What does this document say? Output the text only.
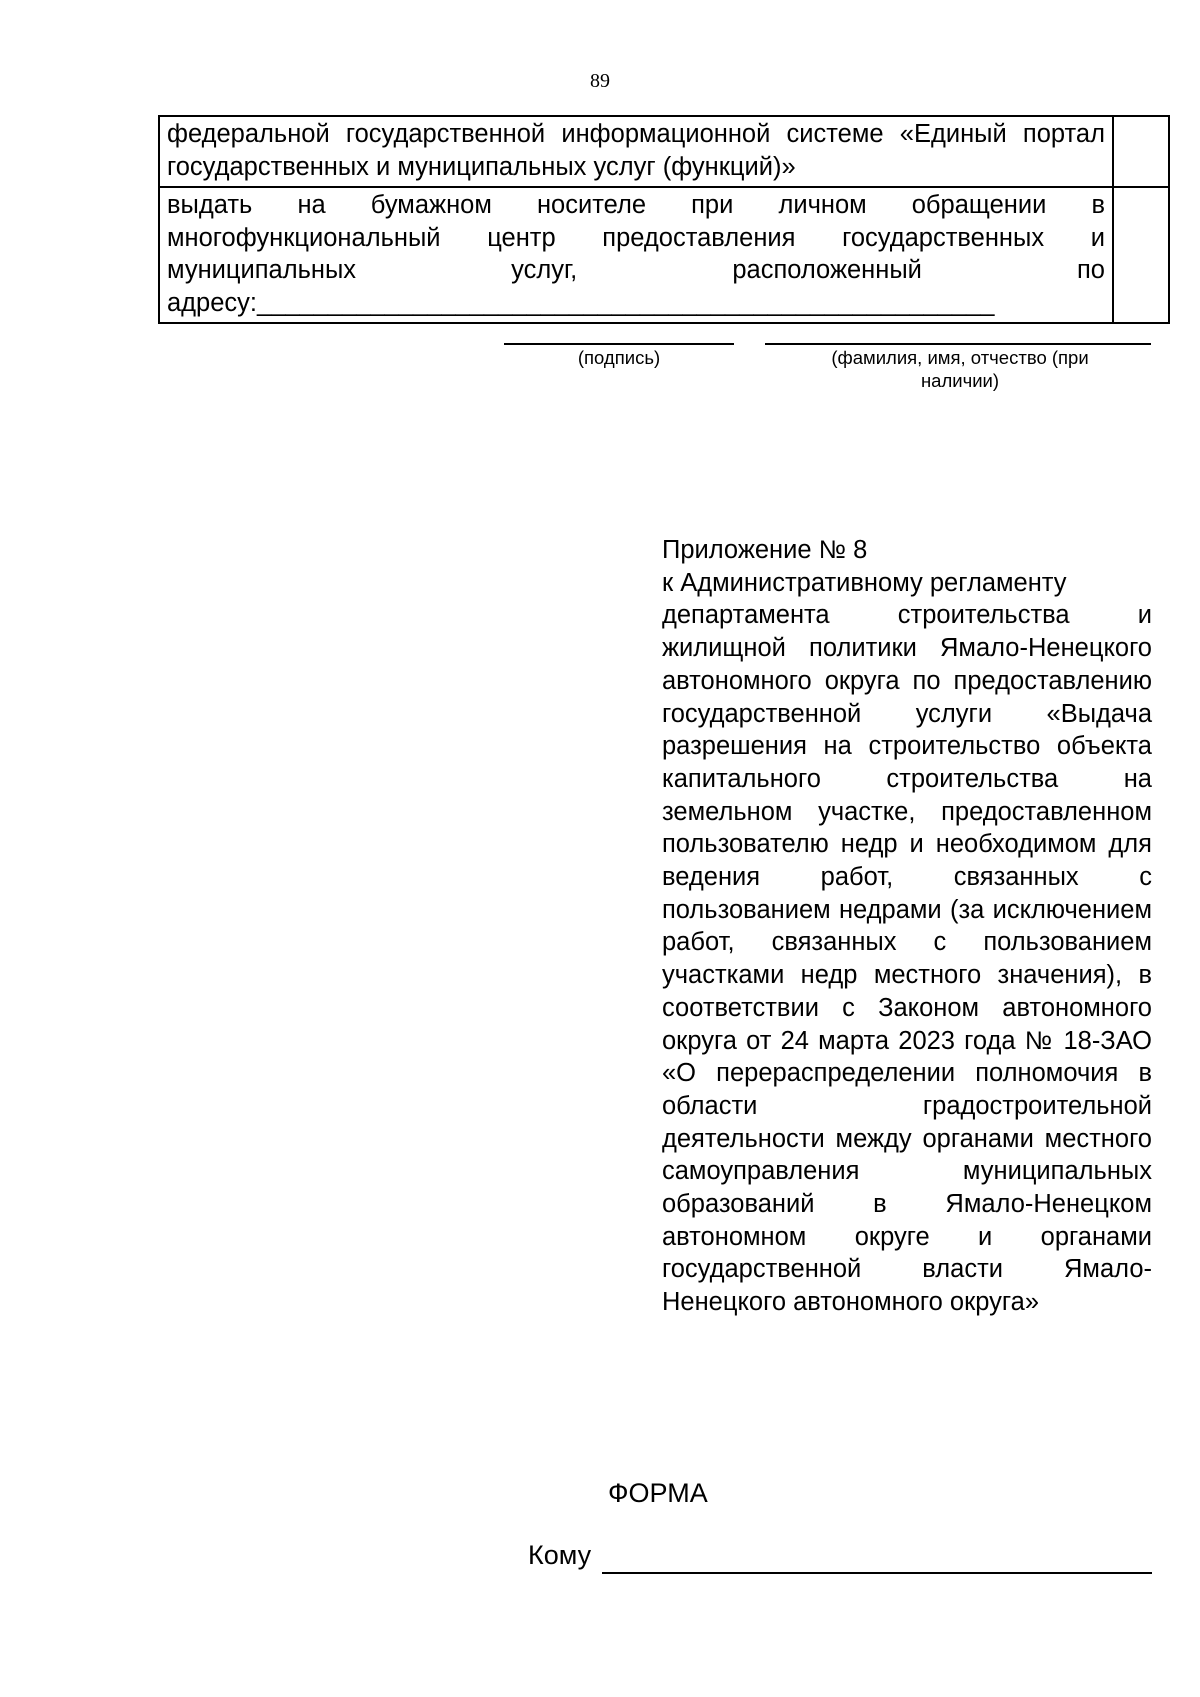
89
федеральной государственной информационной системе «Единый портал государственных и муниципальных услуг (функций)»	
выдать на бумажном носителе при личном обращении в многофункциональный центр предоставления государственных и муниципальных услуг, расположенный по адресу:____________________________________________________	
(подпись)	(фамилия, имя, отчество (при наличии)
Приложение № 8
к Административному регламенту
департамента строительства и жилищной политики Ямало-Ненецкого автономного округа по предоставлению государственной услуги «Выдача разрешения на строительство объекта капитального строительства на земельном участке, предоставленном пользователю недр и необходимом для ведения работ, связанных с пользованием недрами (за исключением работ, связанных с пользованием участками недр местного значения), в соответствии с Законом автономного округа от 24 марта 2023 года № 18-ЗАО «О перераспределении полномочия в области градостроительной деятельности между органами местного самоуправления муниципальных образований в Ямало-Ненецком автономном округе и органами государственной власти Ямало-Ненецкого автономного округа»
ФОРМА
Кому
